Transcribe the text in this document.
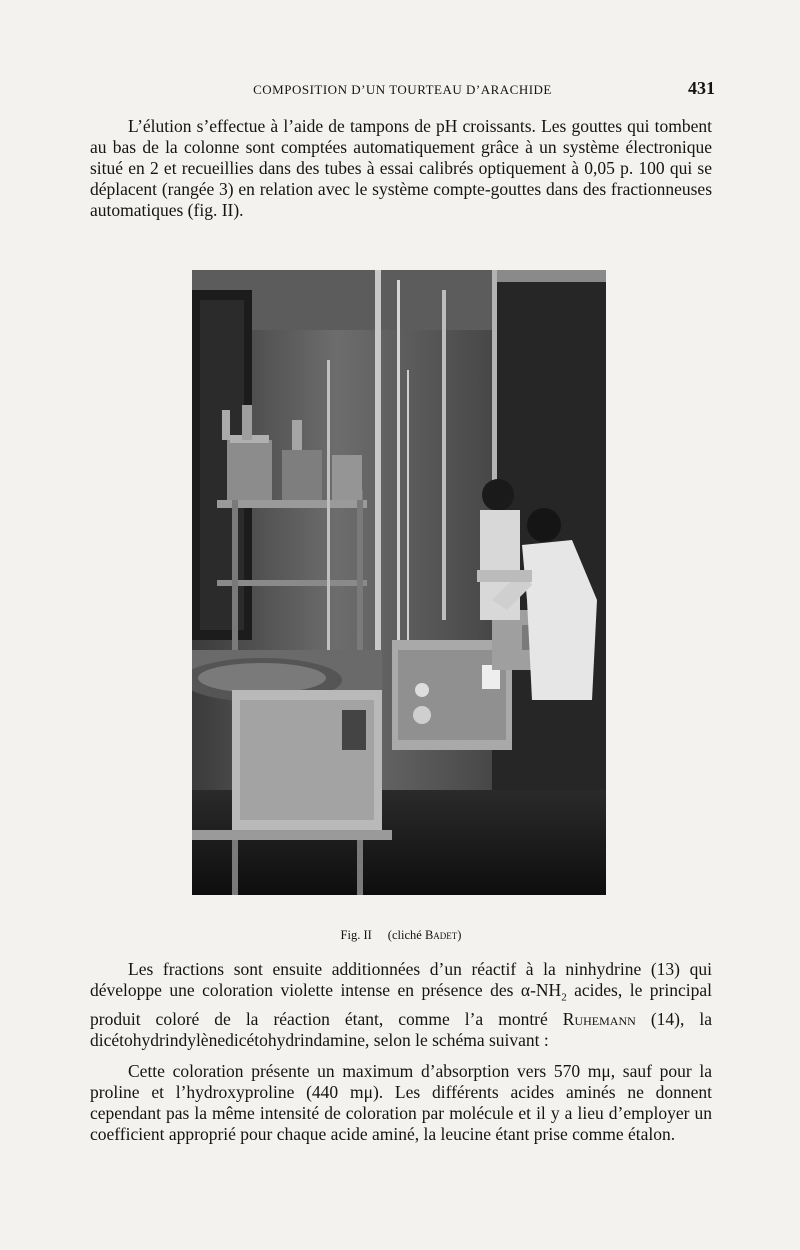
COMPOSITION D’UN TOURTEAU D’ARACHIDE	431

L’élution s’effectue à l’aide de tampons de pH croissants. Les gouttes qui tombent au bas de la colonne sont comptées automatiquement grâce à un système électronique situé en 2 et recueillies dans des tubes à essai calibrés optiquement à 0,05 p. 100 qui se déplacent (rangée 3) en relation avec le système compte-gouttes dans des fractionneuses automatiques (fig. II).

Fig. II (cliché Badet)

Les fractions sont ensuite additionnées d’un réactif à la ninhydrine (13) qui développe une coloration violette intense en présence des $\alpha-NH_2$ acides, le principal produit coloré de la réaction étant, comme l’a montré Ruhemann (14), la dicétohydrindylènedicétohydrindamine, selon le schéma suivant :

Cette coloration présente un maximum d’absorption vers 570 mμ, sauf pour la proline et l’hydroxyproline (440 mμ). Les différents acides aminés ne donnent cependant pas la même intensité de coloration par molécule et il y a lieu d’employer un coefficient approprié pour chaque acide aminé, la leucine étant prise comme étalon.
